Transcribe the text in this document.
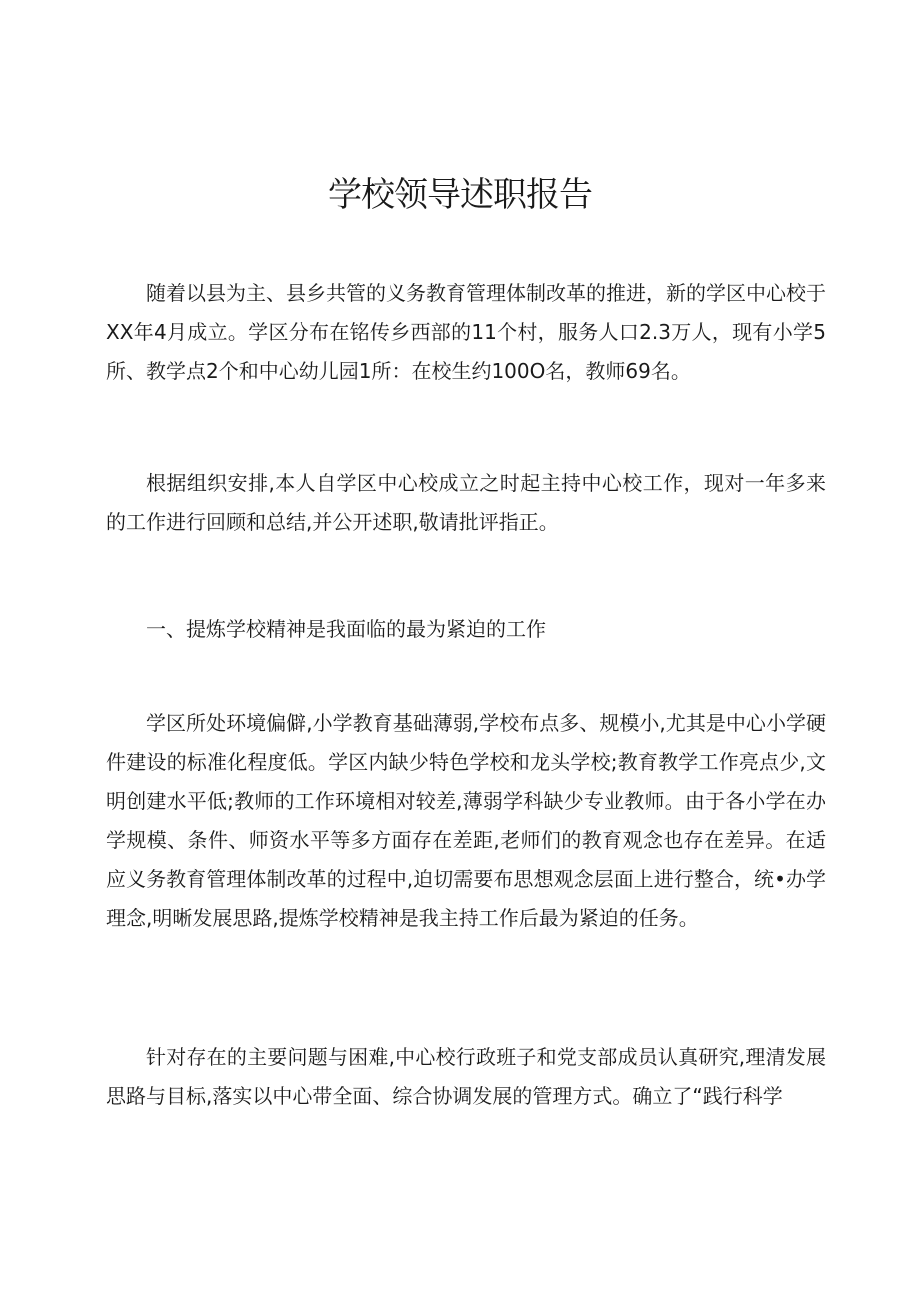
学校领导述职报告

随着以县为主、县乡共管的义务教育管理体制改革的推进，新的学区中心校于XX年4月成立。学区分布在铭传乡西部的11个村，服务人口2.3万人，现有小学5所、教学点2个和中心幼儿园1所：在校生约100O名，教师69名。

根据组织安排,本人自学区中心校成立之时起主持中心校工作，现对一年多来的工作进行回顾和总结,并公开述职,敬请批评指正。

一、提炼学校精神是我面临的最为紧迫的工作

学区所处环境偏僻,小学教育基础薄弱,学校布点多、规模小,尤其是中心小学硬件建设的标准化程度低。学区内缺少特色学校和龙头学校;教育教学工作亮点少,文明创建水平低;教师的工作环境相对较差,薄弱学科缺少专业教师。由于各小学在办学规模、条件、师资水平等多方面存在差距,老师们的教育观念也存在差异。在适应义务教育管理体制改革的过程中,迫切需要布思想观念层面上进行整合，统•办学理念,明晰发展思路,提炼学校精神是我主持工作后最为紧迫的任务。

针对存在的主要问题与困难,中心校行政班子和党支部成员认真研究,理清发展思路与目标,落实以中心带全面、综合协调发展的管理方式。确立了“践行科学
